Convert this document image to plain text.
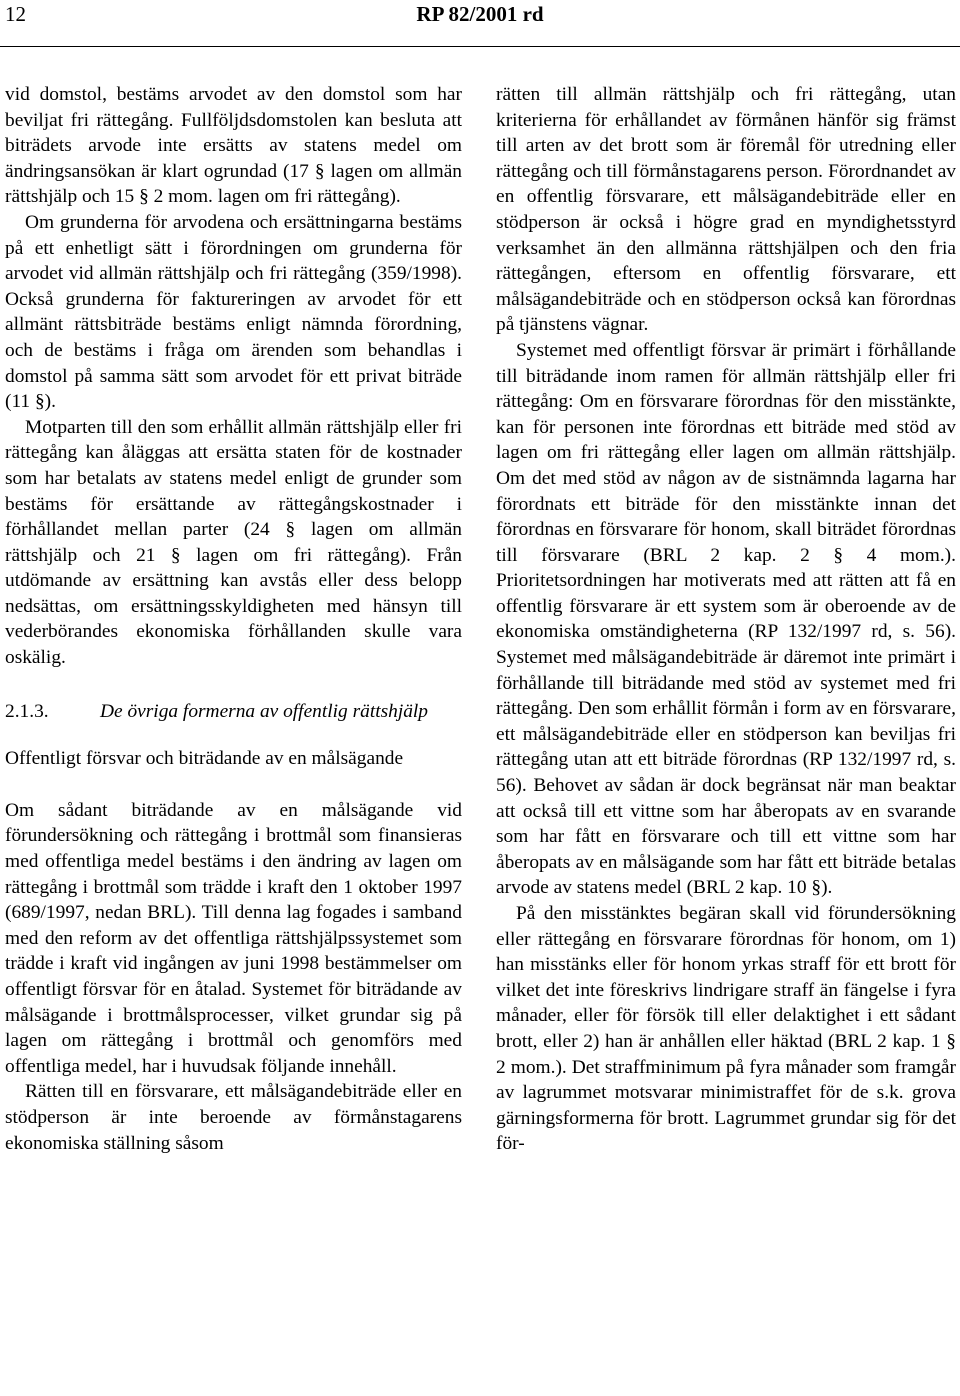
12	RP 82/2001 rd

vid domstol, bestäms arvodet av den domstol som har beviljat fri rättegång. Fullföljdsdomstolen kan besluta att biträdets arvode inte ersätts av statens medel om ändringsansökan är klart ogrundad (17 § lagen om allmän rättshjälp och 15 § 2 mom. lagen om fri rättegång).

Om grunderna för arvodena och ersättningarna bestäms på ett enhetligt sätt i förordningen om grunderna för arvodet vid allmän rättshjälp och fri rättegång (359/1998). Också grunderna för faktureringen av arvodet för ett allmänt rättsbiträde bestäms enligt nämnda förordning, och de bestäms i fråga om ärenden som behandlas i domstol på samma sätt som arvodet för ett privat biträde (11 §).

Motparten till den som erhållit allmän rättshjälp eller fri rättegång kan åläggas att ersätta staten för de kostnader som har betalats av statens medel enligt de grunder som bestäms för ersättande av rättegångskostnader i förhållandet mellan parter (24 § lagen om allmän rättshjälp och 21 § lagen om fri rättegång). Från utdömande av ersättning kan avstås eller dess belopp nedsättas, om ersättningsskyldigheten med hänsyn till vederbörandes ekonomiska förhållanden skulle vara oskälig.

2.1.3.	De övriga formerna av offentlig rättshjälp

Offentligt försvar och biträdande av en målsägande

Om sådant biträdande av en målsägande vid förundersökning och rättegång i brottmål som finansieras med offentliga medel bestäms i den ändring av lagen om rättegång i brottmål som trädde i kraft den 1 oktober 1997 (689/1997, nedan BRL). Till denna lag fogades i samband med den reform av det offentliga rättshjälpssystemet som trädde i kraft vid ingången av juni 1998 bestämmelser om offentligt försvar för en åtalad. Systemet för biträdande av målsägande i brottmålsprocesser, vilket grundar sig på lagen om rättegång i brottmål och genomförs med offentliga medel, har i huvudsak följande innehåll.

Rätten till en försvarare, ett målsägandebiträde eller en stödperson är inte beroende av förmånstagarens ekonomiska ställning såsom

rätten till allmän rättshjälp och fri rättegång, utan kriterierna för erhållandet av förmånen hänför sig främst till arten av det brott som är föremål för utredning eller rättegång och till förmånstagarens person. Förordnandet av en offentlig försvarare, ett målsägandebiträde eller en stödperson är också i högre grad en myndighetsstyrd verksamhet än den allmänna rättshjälpen och den fria rättegången, eftersom en offentlig försvarare, ett målsägandebiträde och en stödperson också kan förordnas på tjänstens vägnar.

Systemet med offentligt försvar är primärt i förhållande till biträdande inom ramen för allmän rättshjälp eller fri rättegång: Om en försvarare förordnas för den misstänkte, kan för personen inte förordnas ett biträde med stöd av lagen om fri rättegång eller lagen om allmän rättshjälp. Om det med stöd av någon av de sistnämnda lagarna har förordnats ett biträde för den misstänkte innan det förordnas en försvarare för honom, skall biträdet förordnas till försvarare (BRL 2 kap. 2 § 4 mom.). Prioritetsordningen har motiverats med att rätten att få en offentlig försvarare är ett system som är oberoende av de ekonomiska omständigheterna (RP 132/1997 rd, s. 56). Systemet med målsägandebiträde är däremot inte primärt i förhållande till biträdande med stöd av systemet med fri rättegång. Den som erhållit förmån i form av en försvarare, ett målsägandebiträde eller en stödperson kan beviljas fri rättegång utan att ett biträde förordnas (RP 132/1997 rd, s. 56). Behovet av sådan är dock begränsat när man beaktar att också till ett vittne som har åberopats av en svarande som har fått en försvarare och till ett vittne som har åberopats av en målsägande som har fått ett biträde betalas arvode av statens medel (BRL 2 kap. 10 §).

På den misstänktes begäran skall vid förundersökning eller rättegång en försvarare förordnas för honom, om 1) han misstänks eller för honom yrkas straff för ett brott för vilket det inte föreskrivs lindrigare straff än fängelse i fyra månader, eller för försök till eller delaktighet i ett sådant brott, eller 2) han är anhållen eller häktad (BRL 2 kap. 1 § 2 mom.). Det straffminimum på fyra månader som framgår av lagrummet motsvarar minimistraffet för de s.k. grova gärningsformerna för brott. Lagrummet grundar sig för det för-
